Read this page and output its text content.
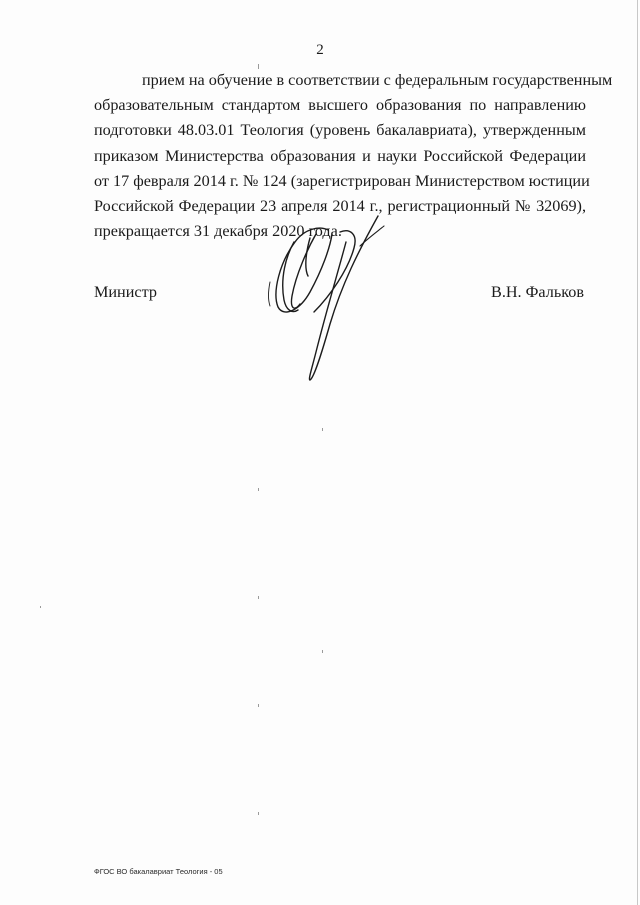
2
прием на обучение в соответствии с федеральным государственным
образовательным стандартом высшего образования по направлению
подготовки 48.03.01 Теология (уровень бакалавриата), утвержденным
приказом Министерства образования и науки Российской Федерации
от 17 февраля 2014 г. № 124 (зарегистрирован Министерством юстиции
Российской Федерации 23 апреля 2014 г., регистрационный № 32069),
прекращается 31 декабря 2020 года.
Министр	В.Н. Фальков
ФГОС ВО бакалавриат Теология - 05
